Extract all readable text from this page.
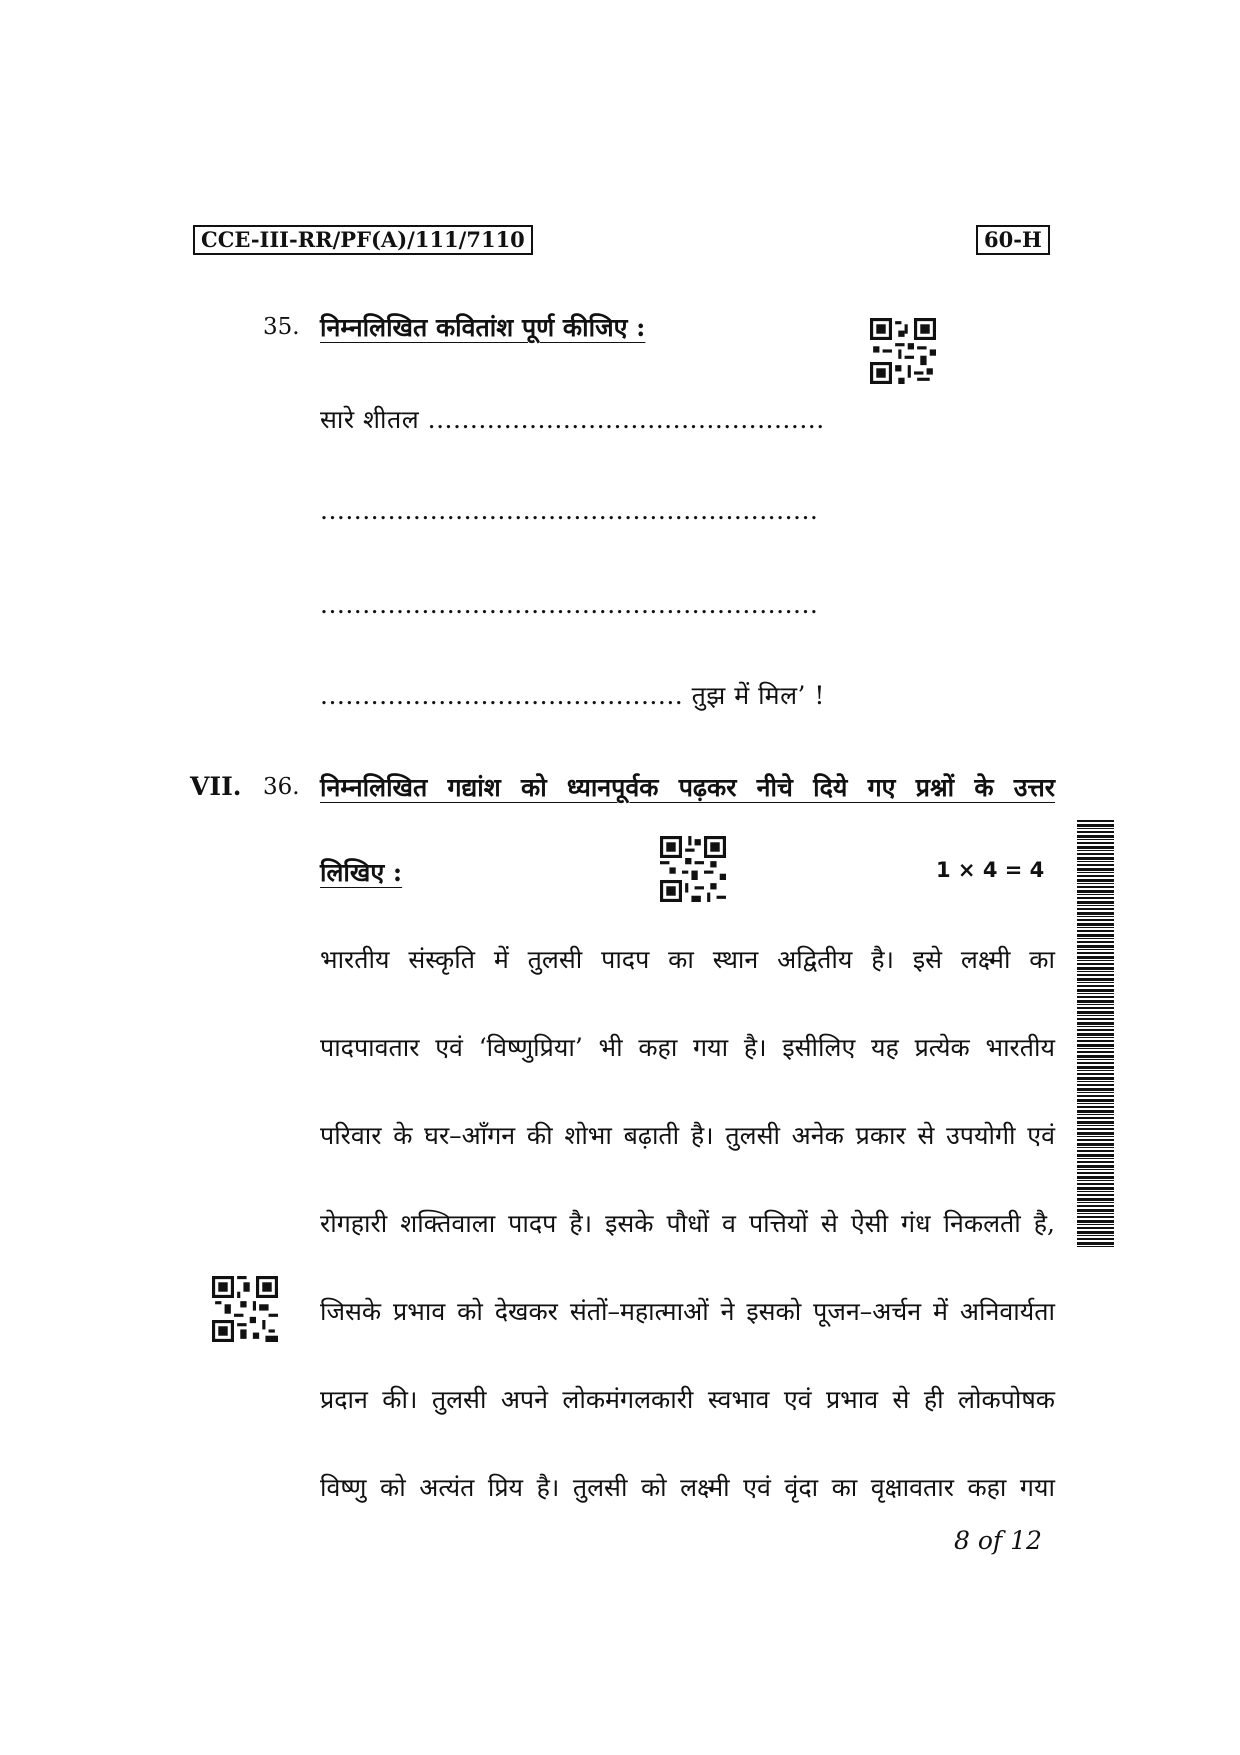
CCE-III-RR/PF(A)/111/7110	60-H
35. निम्नलिखित कवितांश पूर्ण कीजिए :
सारे शीतल ...............................................
...........................................................
...........................................................
........................................... तुझ में मिल’ !
VII. 36. निम्नलिखित गद्यांश को ध्यानपूर्वक पढ़कर नीचे दिये गए प्रश्नों के उत्तर
लिखिए :	1 × 4 = 4
भारतीय संस्कृति में तुलसी पादप का स्थान अद्वितीय है। इसे लक्ष्मी का
पादपावतार एवं ‘विष्णुप्रिया’ भी कहा गया है। इसीलिए यह प्रत्येक भारतीय
परिवार के घर–आँगन की शोभा बढ़ाती है। तुलसी अनेक प्रकार से उपयोगी एवं
रोगहारी शक्तिवाला पादप है। इसके पौधों व पत्तियों से ऐसी गंध निकलती है,
जिसके प्रभाव को देखकर संतों–महात्माओं ने इसको पूजन–अर्चन में अनिवार्यता
प्रदान की। तुलसी अपने लोकमंगलकारी स्वभाव एवं प्रभाव से ही लोकपोषक
विष्णु को अत्यंत प्रिय है। तुलसी को लक्ष्मी एवं वृंदा का वृक्षावतार कहा गया
8 of 12
